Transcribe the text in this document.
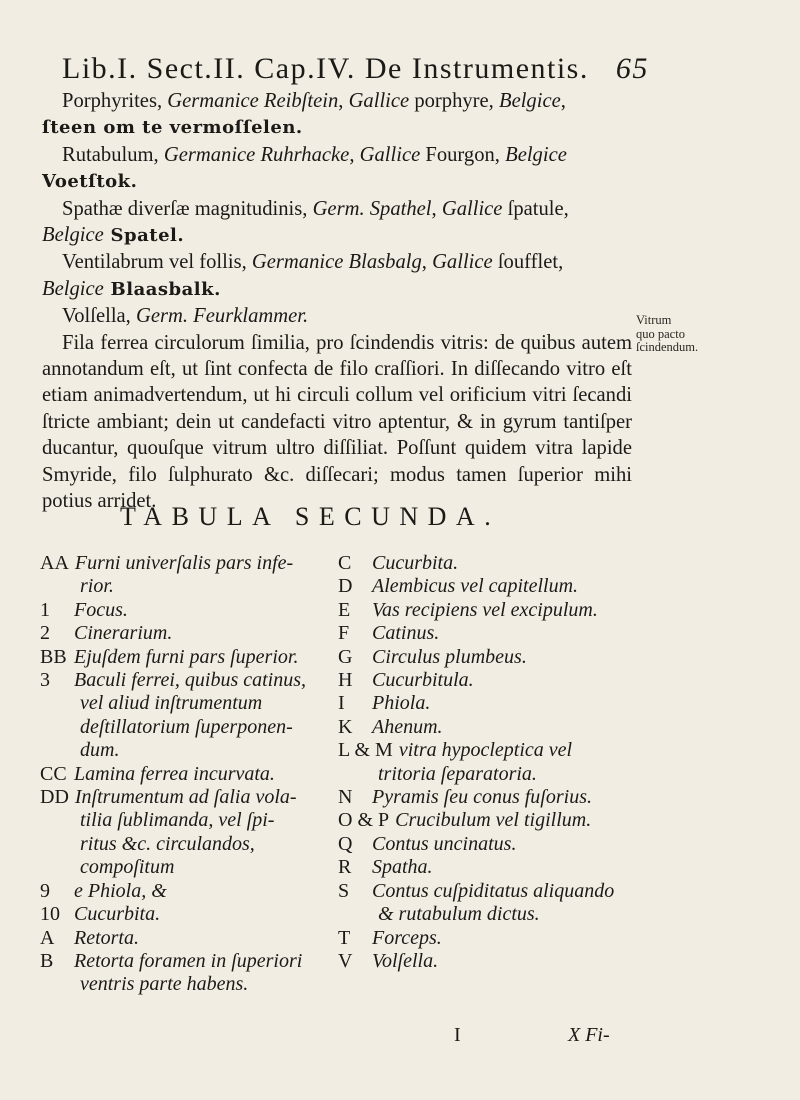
Lib.I. Sect.II. Cap.IV. De Instrumentis. 65

Porphyrites, Germanice Reibſtein, Gallice porphyre, Belgice,

ſteen om te vermoſſelen.

Rutabulum, Germanice Ruhrhacke, Gallice Fourgon, Belgice

Voetſtok.

Spathæ diverſæ magnitudinis, Germ. Spathel, Gallice ſpatule,

Belgice Spatel.

Ventilabrum vel follis, Germanice Blasbalg, Gallice ſoufflet,

Belgice Blaasbalk.

Volſella, Germ. Feurklammer.

Fila ferrea circulorum ſimilia, pro ſcindendis vitris: de quibus autem annotandum eſt, ut ſint confecta de filo craſſiori. In diſſecando vitro eſt etiam animadvertendum, ut hi circuli collum vel orificium vitri ſecandi ſtricte ambiant; dein ut candefacti vitro aptentur, & in gyrum tantiſper ducantur, quouſque vitrum ultro diſſiliat. Poſſunt quidem vitra lapide Smyride, filo ſulphurato &c. diſſecari; modus tamen ſuperior mihi potius arridet.

Vitrum
quo pacto
ſcindendum.
TABULA SECUNDA.
AA Furni univerſalis pars infe-
rior.
1	Focus.
2	Cinerarium.
BB Ejuſdem furni pars ſuperior.
3	Baculi ferrei, quibus catinus,
vel aliud inſtrumentum
deſtillatorium ſuperponen-
dum.
CC Lamina ferrea incurvata.
DD Inſtrumentum ad ſalia vola-
tilia ſublimanda, vel ſpi-
ritus &c. circulandos,
compoſitum
9	e Phiola, &
10 Cucurbita.
A Retorta.
B	Retorta foramen in ſuperiori
ventris parte habens.
C	Cucurbita.
D Alembicus vel capitellum.
E	Vas recipiens vel excipulum.
F	Catinus.
G Circulus plumbeus.
H Cucurbitula.
I	Phiola.
K Ahenum.
L & M vitra hypocleptica vel
tritoria ſeparatoria.
N Pyramis ſeu conus fuſorius.
O & P Crucibulum vel tigillum.
Q Contus uncinatus.
R	Spatha.
S	Contus cuſpiditatus aliquando
& rutabulum dictus.
T	Forceps.
V Volſella.
I	X Fi-
